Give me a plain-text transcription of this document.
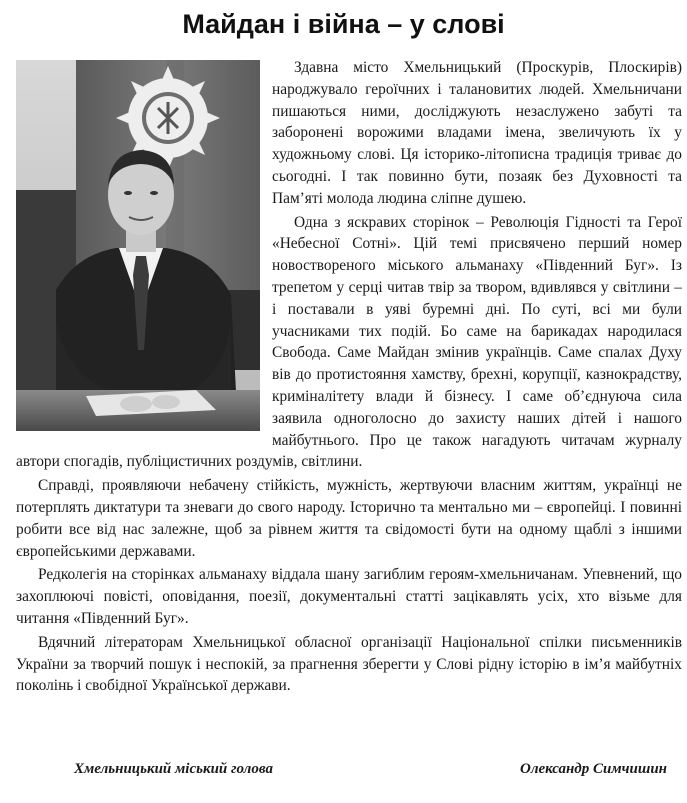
Майдан і війна – у слові

Здавна місто Хмельницький (Проскурів, Плоскирів) народжувало героїчних і талановитих людей. Хмельничани пишаються ними, досліджують незаслужено забуті та заборонені ворожими владами імена, звеличують їх у художньому слові. Ця історико-літописна традиція триває до сьогодні. І так повинно бути, позаяк без Духовності та Пам’яті молода людина сліпне душею.

Одна з яскравих сторінок – Революція Гідності та Герої «Небесної Сотні». Цій темі присвячено перший номер новоствореного міського альманаху «Південний Буг». Із трепетом у серці читав твір за твором, вдивлявся у світлини – і поставали в уяві буремні дні. По суті, всі ми були учасниками тих подій. Бо саме на барикадах народилася Свобода. Саме Майдан змінив українців. Саме спалах Духу вів до протистояння хамству, брехні, корупції, казнокрадству, криміналітету влади й бізнесу. І саме об’єднуюча сила заявила одноголосно до захисту наших дітей і нашого майбутнього. Про це також нагадують читачам журналу автори спогадів, публіцистичних роздумів, світлини.

Справді, проявляючи небачену стійкість, мужність, жертвуючи власним життям, українці не потерплять диктатури та зневаги до свого народу. Історично та ментально ми – європейці. І повинні робити все від нас залежне, щоб за рівнем життя та свідомості бути на одному щаблі з іншими європейськими державами.

Редколегія на сторінках альманаху віддала шану загиблим героям-хмельничанам. Упевнений, що захоплюючі повісті, оповідання, поезії, документальні статті зацікавлять усіх, хто візьме для читання «Південний Буг».

Вдячний літераторам Хмельницької обласної організації Національної спілки письменників України за творчий пошук і неспокій, за прагнення зберегти у Слові рідну історію в ім’я майбутніх поколінь і свобідної Української держави.

Хмельницький міський голова	Олександр Симчишин
